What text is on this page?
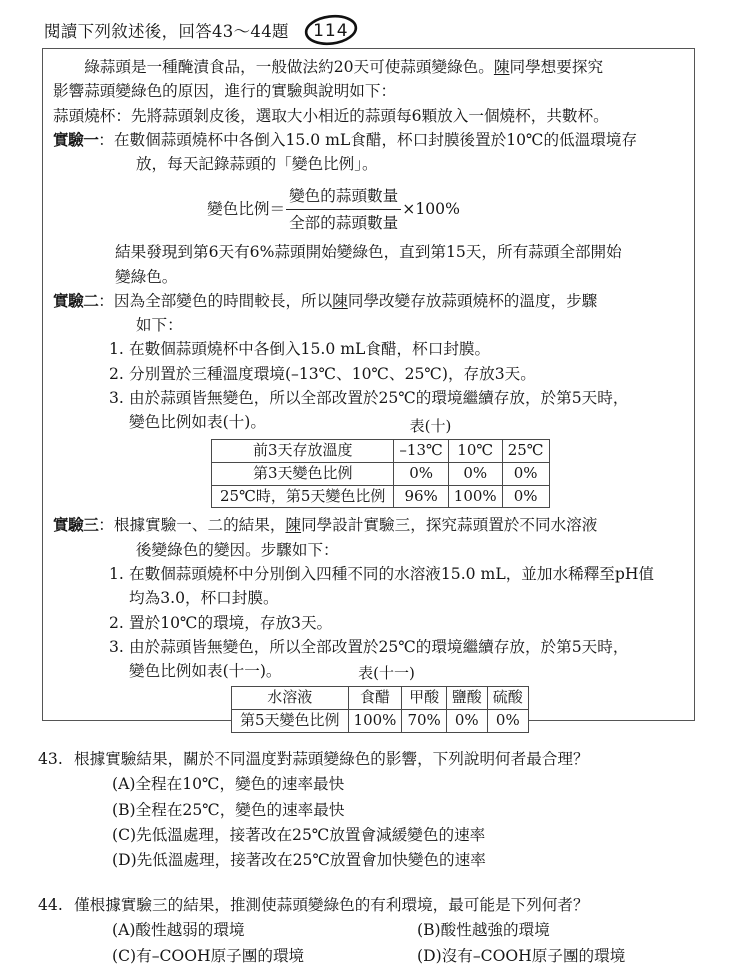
閱讀下列敘述後，回答43～44題 114
綠蒜頭是一種醃漬食品，一般做法約20天可使蒜頭變綠色。陳同學想要探究
影響蒜頭變綠色的原因，進行的實驗與說明如下：
蒜頭燒杯：先將蒜頭剝皮後，選取大小相近的蒜頭每6顆放入一個燒杯，共數杯。
實驗一： 在數個蒜頭燒杯中各倒入15.0 mL食醋，杯口封膜後置於10℃的低溫環境存
放，每天記錄蒜頭的「變色比例」。
變色比例＝ $\frac{\text{變色的蒜頭數量}}{\text{全部的蒜頭數量}} \times 100\%$
結果發現到第6天有6%蒜頭開始變綠色，直到第15天，所有蒜頭全部開始
變綠色。
實驗二： 因為全部變色的時間較長，所以陳同學改變存放蒜頭燒杯的溫度，步驟
如下：
1. 在數個蒜頭燒杯中各倒入15.0 mL食醋，杯口封膜。
2. 分別置於三種溫度環境(–13℃、10℃、25℃)，存放3天。
3. 由於蒜頭皆無變色，所以全部改置於25℃的環境繼續存放，於第5天時，
變色比例如表(十)。	表(十)
前3天存放溫度	–13℃	10℃	25℃
第3天變色比例	0%	0%	0%
25℃時，第5天變色比例	96%	100%	0%
實驗三： 根據實驗一、二的結果，陳同學設計實驗三，探究蒜頭置於不同水溶液
後變綠色的變因。步驟如下：
1. 在數個蒜頭燒杯中分別倒入四種不同的水溶液15.0 mL，並加水稀釋至pH值
均為3.0，杯口封膜。
2. 置於10℃的環境，存放3天。
3. 由於蒜頭皆無變色，所以全部改置於25℃的環境繼續存放，於第5天時，
變色比例如表(十一)。	表(十一)
水溶液	食醋	甲酸	鹽酸	硫酸
第5天變色比例	100%	70%	0%	0%
43. 根據實驗結果，關於不同溫度對蒜頭變綠色的影響，下列說明何者最合理？
(A)全程在10℃，變色的速率最快
(B)全程在25℃，變色的速率最快
(C)先低溫處理，接著改在25℃放置會減緩變色的速率
(D)先低溫處理，接著改在25℃放置會加快變色的速率
44. 僅根據實驗三的結果，推測使蒜頭變綠色的有利環境，最可能是下列何者？
(A)酸性越弱的環境	(B)酸性越強的環境
(C)有–COOH原子團的環境	(D)沒有–COOH原子團的環境
